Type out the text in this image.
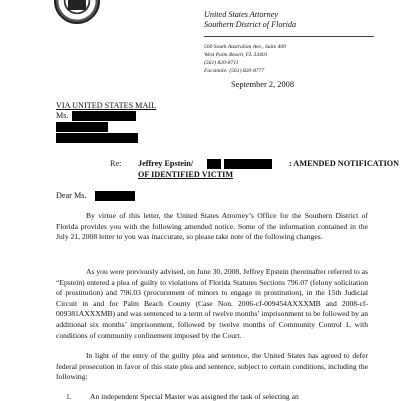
United States Attorney
Southern District of Florida
500 South Australian Ave., Suite 400
West Palm Beach, FL 33401
(561) 820-8711
Facsimile: (561) 820-8777
September 2, 2008
VIA UNITED STATES MAIL
Ms.
Re: Jeffrey Epstein/	: AMENDED NOTIFICATION
OF IDENTIFIED VICTIM
Dear Ms.

By virtue of this letter, the United States Attorney’s Office for the Southern District of Florida provides you with the following amended notice. Some of the information contained in the July 21, 2008 letter to you was inaccurate, so please take note of the following changes.

As you were previously advised, on June 30, 2008, Jeffrey Epstein (hereinafter referred to as “Epstein) entered a plea of guilty to violations of Florida Statutes Sections 796.07 (felony solicitation of prostitution) and 796.03 (procurement of minors to engage in prostitution), in the 15th Judicial Circuit in and for Palm Beach County (Case Non. 2006-cf-009454AXXXMB and 2008-cf-009381AXXXMB) and was sentenced to a term of twelve months’ imprisonment to be followed by an additional six months’ imprisonment, followed by twelve months of Community Control 1, with conditions of community confinement imposed by the Court.

In light of the entry of the guilty plea and sentence, the United States has agreed to defer federal prosecution in favor of this state plea and sentence, subject to certain conditions, including the following:

1. An independent Special Master was assigned the task of selecting an
